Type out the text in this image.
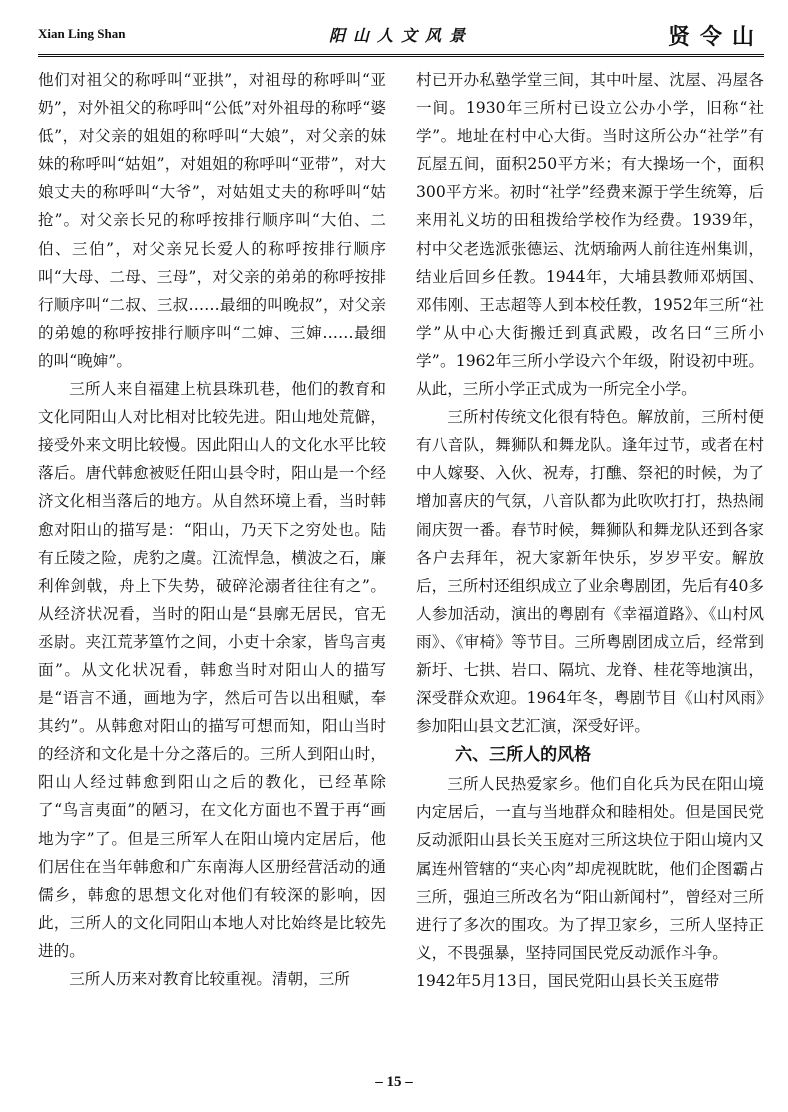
Xian Ling Shan	阳山人文风景	贤令山

他们对祖父的称呼叫“亚拱”，对祖母的称呼叫“亚奶”，对外祖父的称呼叫“公低”对外祖母的称呼“婆低”，对父亲的姐姐的称呼叫“大娘”，对父亲的妹妹的称呼叫“姑姐”，对姐姐的称呼叫“亚带”，对大娘丈夫的称呼叫“大爷”，对姑姐丈夫的称呼叫“姑抢”。对父亲长兄的称呼按排行顺序叫“大伯、二伯、三伯”，对父亲兄长爱人的称呼按排行顺序叫“大母、二母、三母”，对父亲的弟弟的称呼按排行顺序叫“二叔、三叔……最细的叫晚叔”，对父亲的弟媳的称呼按排行顺序叫“二婶、三婶……最细的叫“晚婶”。

三所人来自福建上杭县珠玑巷，他们的教育和文化同阳山人对比相对比较先进。阳山地处荒僻，接受外来文明比较慢。因此阳山人的文化水平比较落后。唐代韩愈被贬任阳山县令时，阳山是一个经济文化相当落后的地方。从自然环境上看，当时韩愈对阳山的描写是：“阳山，乃天下之穷处也。陆有丘陵之险，虎豹之虞。江流悍急，横波之石，廉利侔剑戟，舟上下失势，破碎沦溺者往往有之”。从经济状况看，当时的阳山是“县廓无居民，官无丞尉。夹江荒茅篁竹之间，小吏十余家，皆鸟言夷面”。从文化状况看，韩愈当时对阳山人的描写是“语言不通，画地为字，然后可告以出租赋，奉其约”。从韩愈对阳山的描写可想而知，阳山当时的经济和文化是十分之落后的。三所人到阳山时，阳山人经过韩愈到阳山之后的教化，已经革除了“鸟言夷面”的陋习，在文化方面也不置于再“画地为字”了。但是三所军人在阳山境内定居后，他们居住在当年韩愈和广东南海人区册经营活动的通儒乡，韩愈的思想文化对他们有较深的影响，因此，三所人的文化同阳山本地人对比始终是比较先进的。

三所人历来对教育比较重视。清朝，三所

村已开办私塾学堂三间，其中叶屋、沈屋、冯屋各一间。1930年三所村已设立公办小学，旧称“社学”。地址在村中心大街。当时这所公办“社学”有瓦屋五间，面积250平方米；有大操场一个，面积300平方米。初时“社学”经费来源于学生统筹，后来用礼义坊的田租拨给学校作为经费。1939年，村中父老选派张德运、沈炳瑜两人前往连州集训，结业后回乡任教。1944年，大埔县教师邓炳国、邓伟刚、王志超等人到本校任教，1952年三所“社学”从中心大街搬迁到真武殿，改名曰“三所小学”。1962年三所小学设六个年级，附设初中班。从此，三所小学正式成为一所完全小学。

三所村传统文化很有特色。解放前，三所村便有八音队，舞狮队和舞龙队。逢年过节，或者在村中人嫁娶、入伙、祝寿，打醮、祭祀的时候，为了增加喜庆的气氛，八音队都为此吹吹打打，热热闹闹庆贺一番。春节时候，舞狮队和舞龙队还到各家各户去拜年，祝大家新年快乐，岁岁平安。解放后，三所村还组织成立了业余粤剧团，先后有40多人参加活动，演出的粤剧有《幸福道路》、《山村风雨》、《审椅》等节目。三所粤剧团成立后，经常到新圩、七拱、岩口、隔坑、龙脊、桂花等地演出，深受群众欢迎。1964年冬，粤剧节目《山村风雨》参加阳山县文艺汇演，深受好评。

六、三所人的风格

三所人民热爱家乡。他们自化兵为民在阳山境内定居后，一直与当地群众和睦相处。但是国民党反动派阳山县长关玉庭对三所这块位于阳山境内又属连州管辖的“夹心肉”却虎视眈眈，他们企图霸占三所，强迫三所改名为“阳山新闻村”，曾经对三所进行了多次的围攻。为了捍卫家乡，三所人坚持正义，不畏强暴，坚持同国民党反动派作斗争。

1942年5月13日，国民党阳山县长关玉庭带

– 15 –
